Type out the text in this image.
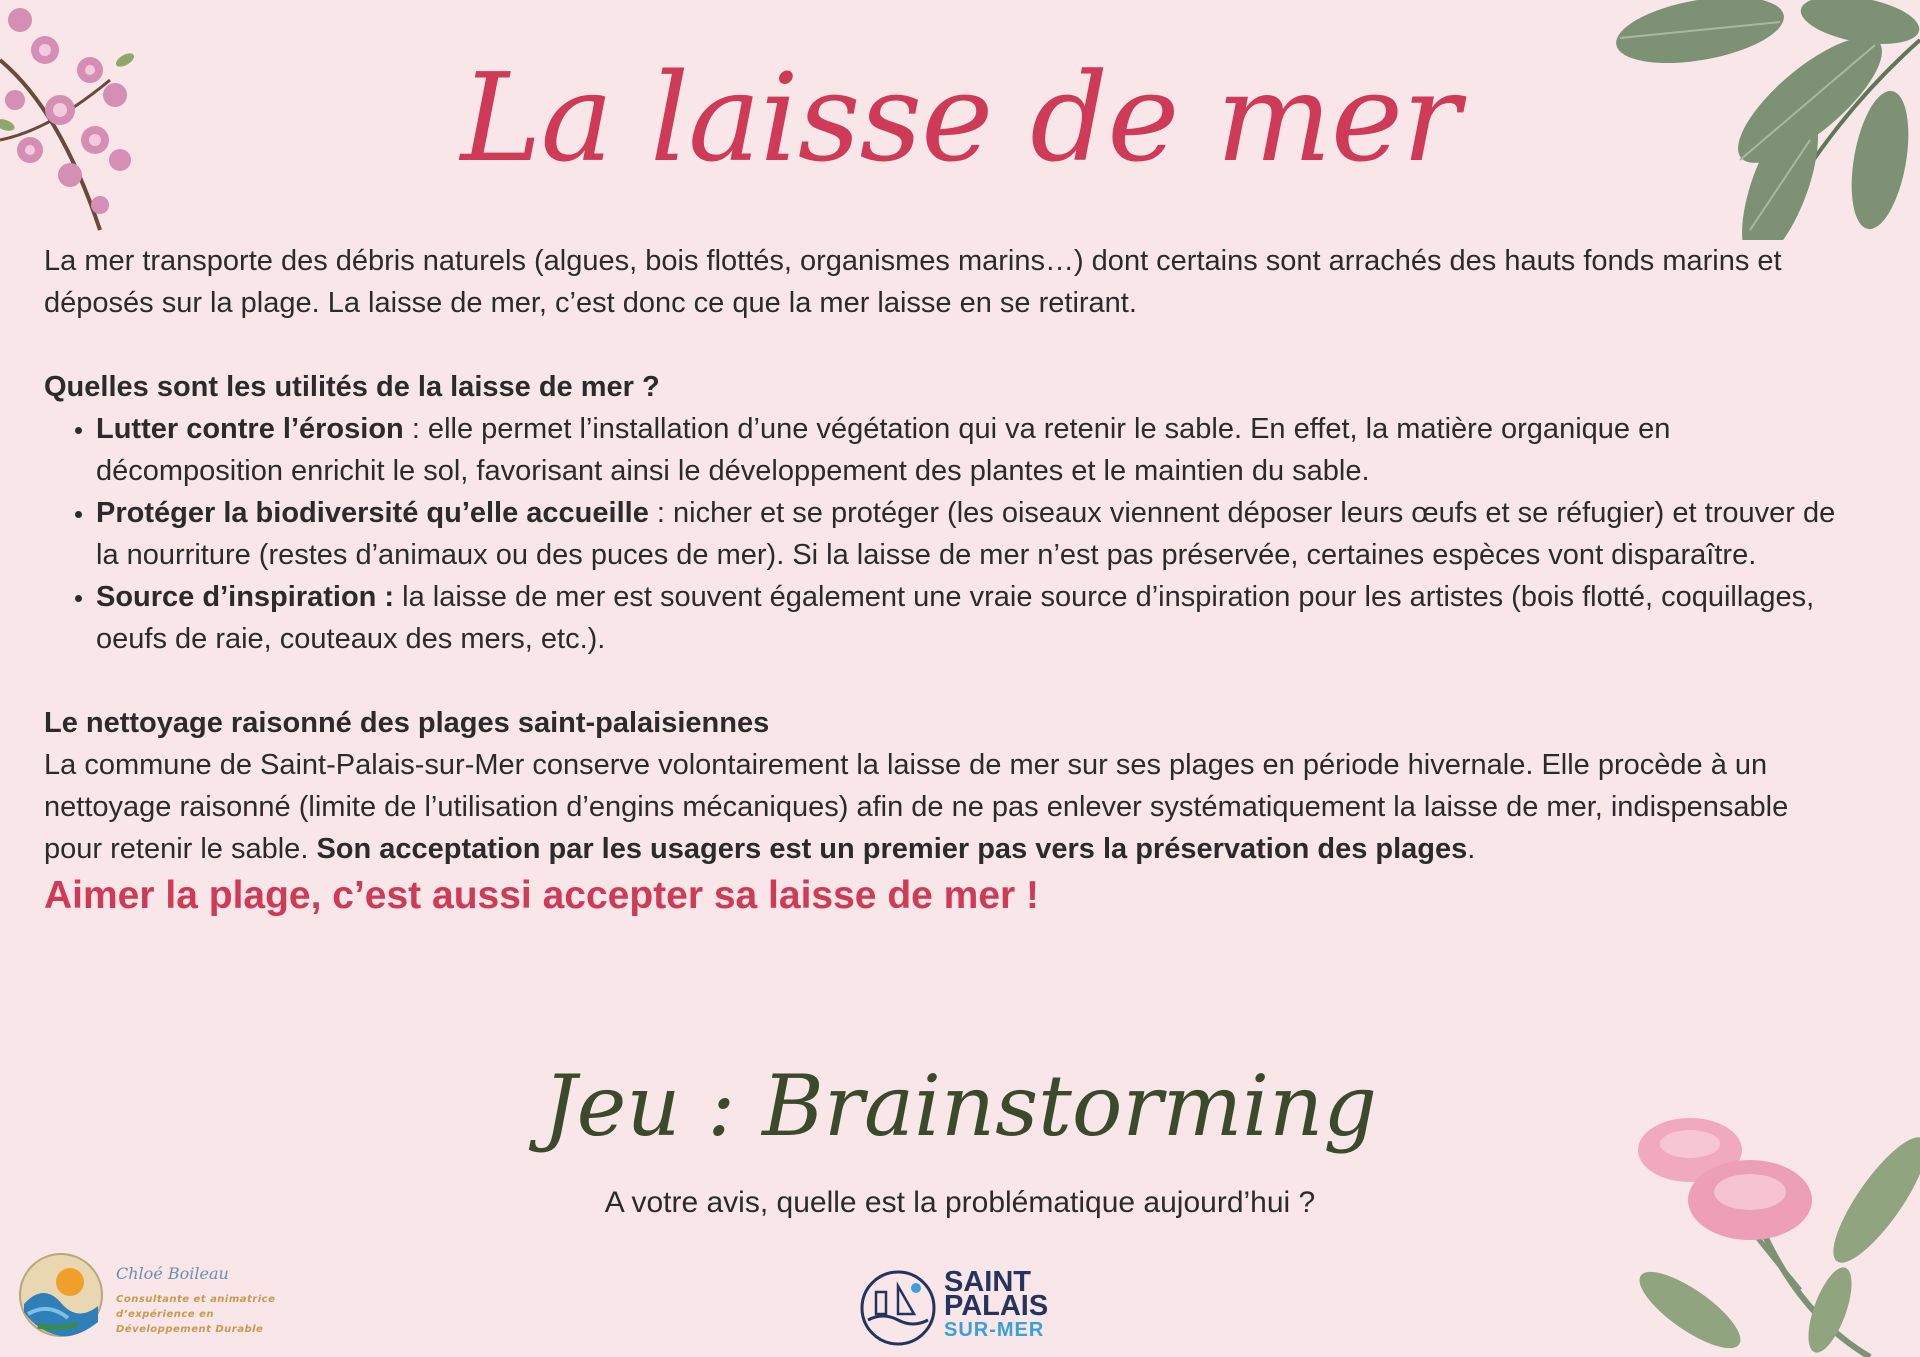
La laisse de mer

La mer transporte des débris naturels (algues, bois flottés, organismes marins…) dont certains sont arrachés des hauts fonds marins et déposés sur la plage. La laisse de mer, c’est donc ce que la mer laisse en se retirant.

Quelles sont les utilités de la laisse de mer ?

• Lutter contre l’érosion : elle permet l’installation d’une végétation qui va retenir le sable. En effet, la matière organique en décomposition enrichit le sol, favorisant ainsi le développement des plantes et le maintien du sable.
• Protéger la biodiversité qu’elle accueille : nicher et se protéger (les oiseaux viennent déposer leurs œufs et se réfugier) et trouver de la nourriture (restes d’animaux ou des puces de mer). Si la laisse de mer n’est pas préservée, certaines espèces vont disparaître.
• Source d’inspiration : la laisse de mer est souvent également une vraie source d’inspiration pour les artistes (bois flotté, coquillages, oeufs de raie, couteaux des mers, etc.).

Le nettoyage raisonné des plages saint-palaisiennes

La commune de Saint-Palais-sur-Mer conserve volontairement la laisse de mer sur ses plages en période hivernale. Elle procède à un nettoyage raisonné (limite de l’utilisation d’engins mécaniques) afin de ne pas enlever systématiquement la laisse de mer, indispensable pour retenir le sable. Son acceptation par les usagers est un premier pas vers la préservation des plages.

Aimer la plage, c’est aussi accepter sa laisse de mer !

Jeu : Brainstorming
A votre avis, quelle est la problématique aujourd’hui ?
Chloé Boileau
Consultante et animatrice d’expérience en Développement Durable
SAINT
PALAIS
SUR-MER
